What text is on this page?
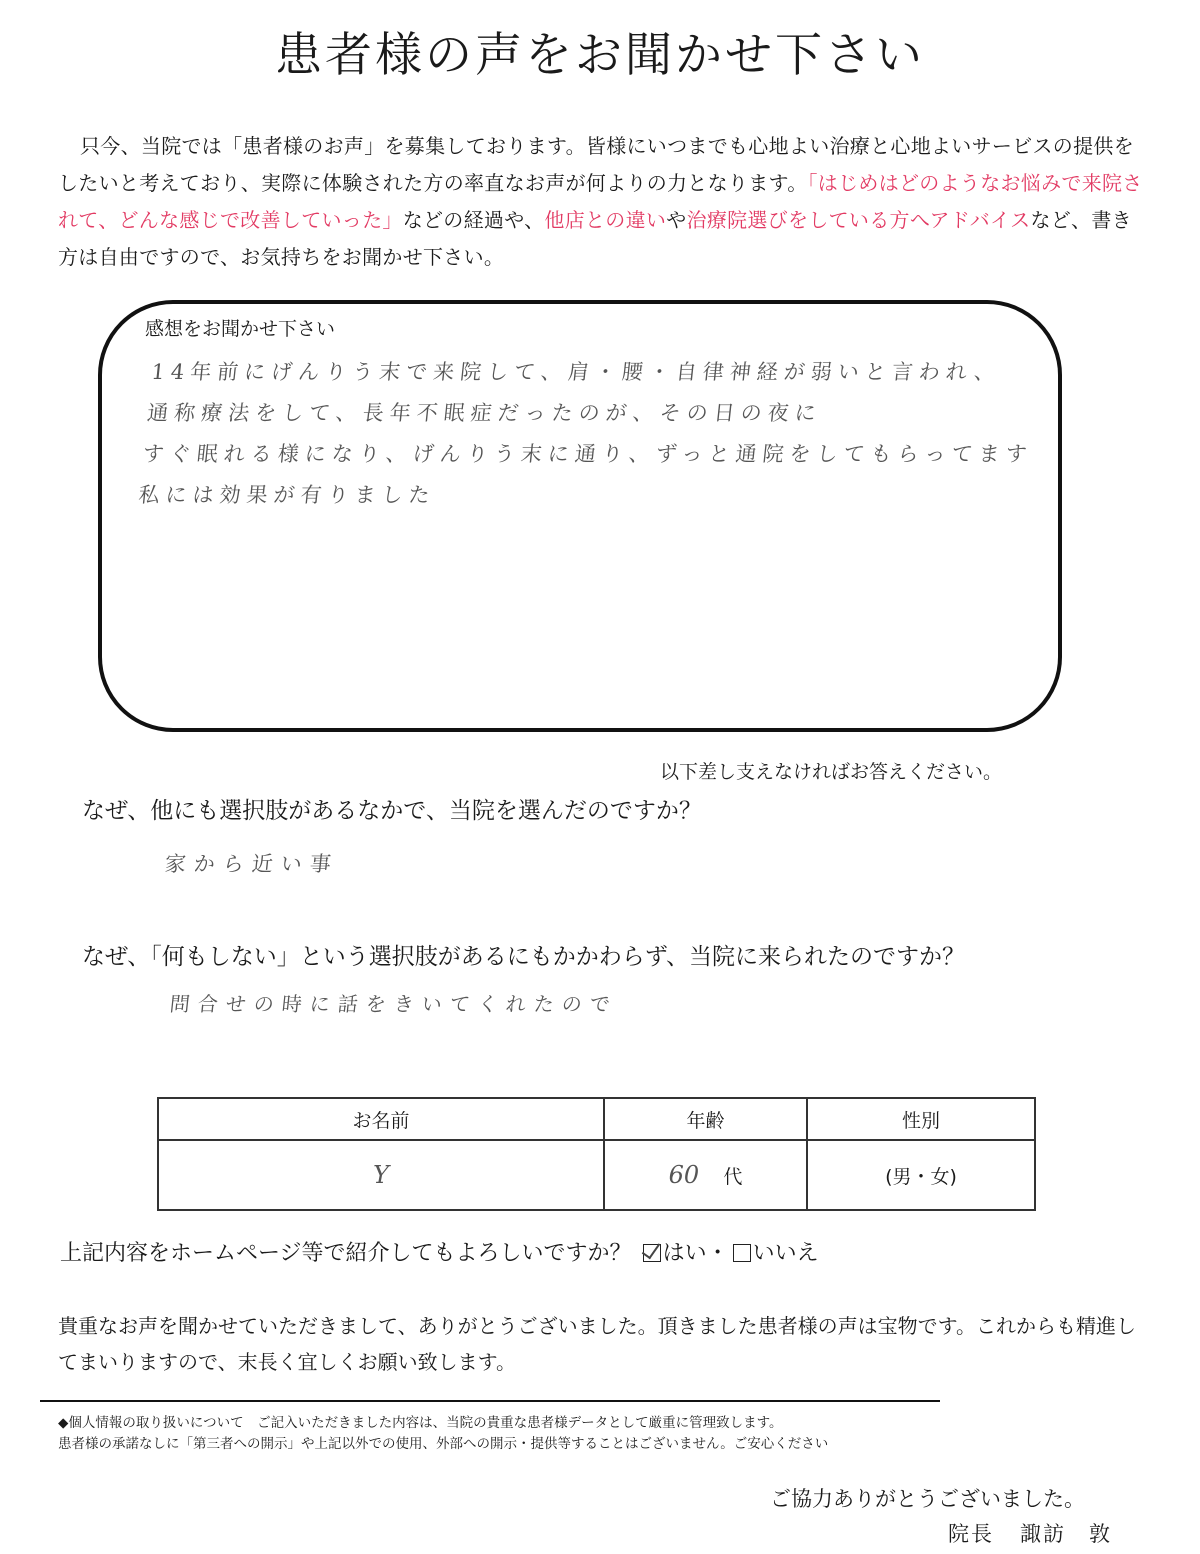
患者様の声をお聞かせ下さい
只今、当院では「患者様のお声」を募集しております。皆様にいつまでも心地よい治療と心地よいサービスの提供をしたいと考えており、実際に体験された方の率直なお声が何よりの力となります。「はじめはどのようなお悩みで来院されて、どんな感じで改善していった」などの経過や、他店との違いや治療院選びをしている方へアドバイスなど、書き方は自由ですので、お気持ちをお聞かせ下さい。
感想をお聞かせ下さい
14年前にげんりう末で来院して、肩・腰・自律神経が弱いと言われ、
通称療法をして、長年不眠症だったのが、その日の夜に
すぐ眠れる様になり、げんりう末に通り、ずっと通院をしてもらってます
私には効果が有りました
以下差し支えなければお答えください。
なぜ、他にも選択肢があるなかで、当院を選んだのですか？
家から近い事
なぜ、「何もしない」という選択肢があるにもかかわらず、当院に来られたのですか？
問合せの時に話をきいてくれたので
お名前	年齢	性別
Y	60 代	(男・女)
上記内容をホームページ等で紹介してもよろしいですか？ はい・ いいえ
貴重なお声を聞かせていただきまして、ありがとうございました。頂きました患者様の声は宝物です。これからも精進してまいりますので、末長く宜しくお願い致します。
◆個人情報の取り扱いについて　ご記入いただきました内容は、当院の貴重な患者様データとして厳重に管理致します。
患者様の承諾なしに「第三者への開示」や上記以外での使用、外部への開示・提供等することはございません。ご安心ください
ご協力ありがとうございました。
院長 諏訪　敦
